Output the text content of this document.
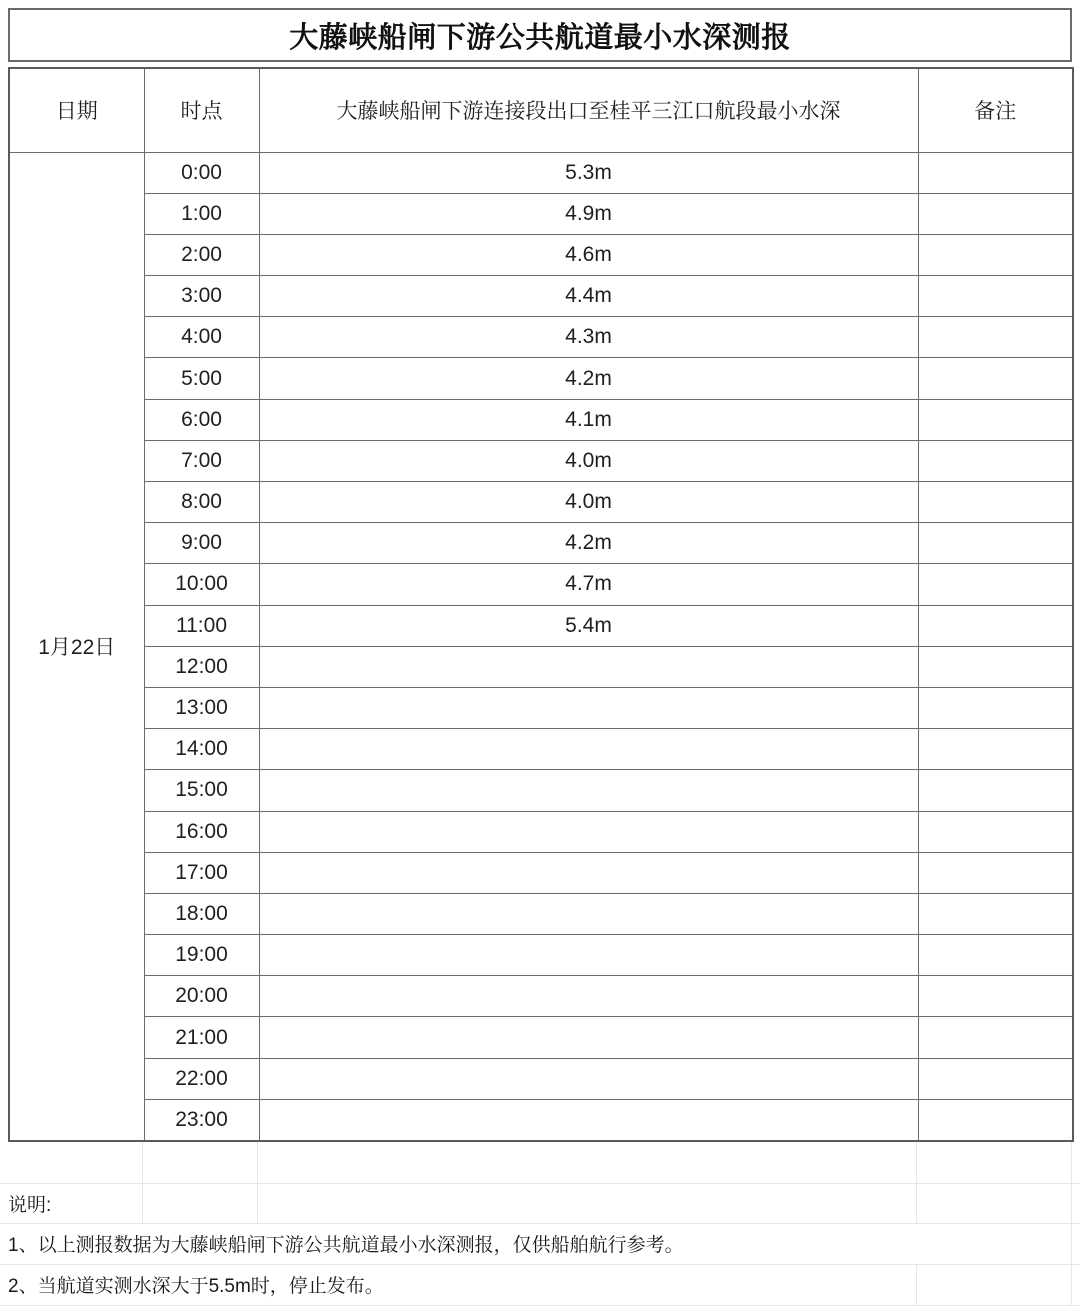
大藤峡船闸下游公共航道最小水深测报
日期	时点	大藤峡船闸下游连接段出口至桂平三江口航段最小水深	备注
1月22日	0:00	5.3m	
	1:00	4.9m	
	2:00	4.6m	
	3:00	4.4m	
	4:00	4.3m	
	5:00	4.2m	
	6:00	4.1m	
	7:00	4.0m	
	8:00	4.0m	
	9:00	4.2m	
	10:00	4.7m	
	11:00	5.4m	
	12:00		
	13:00		
	14:00		
	15:00		
	16:00		
	17:00		
	18:00		
	19:00		
	20:00		
	21:00		
	22:00		
	23:00		
说明:
1、以上测报数据为大藤峡船闸下游公共航道最小水深测报，仅供船舶航行参考。
2、当航道实测水深大于5.5m时，停止发布。
